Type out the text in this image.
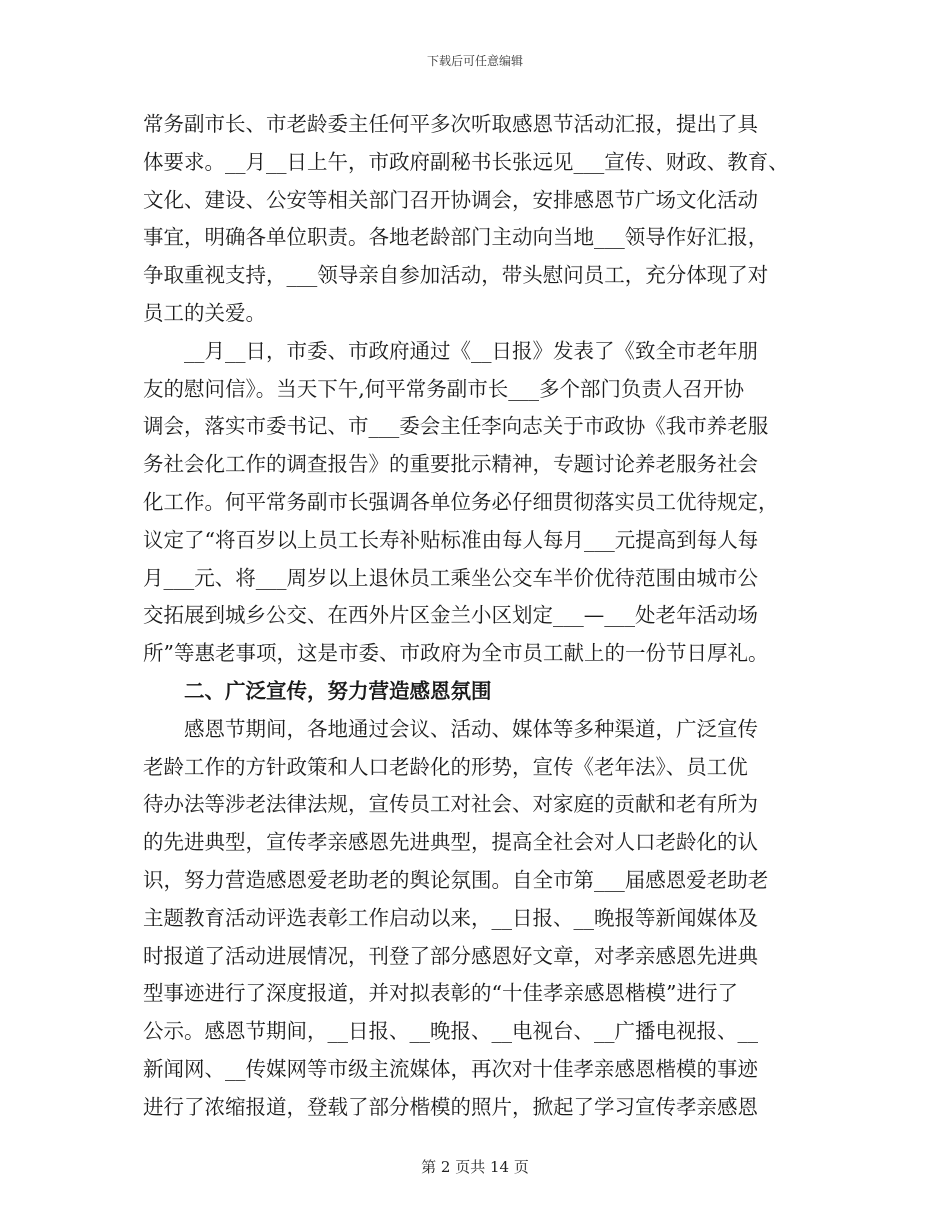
下载后可任意编辑
常务副市长、市老龄委主任何平多次听取感恩节活动汇报，提出了具
体要求。__月__日上午，市政府副秘书长张远见___宣传、财政、教育、
文化、建设、公安等相关部门召开协调会，安排感恩节广场文化活动
事宜，明确各单位职责。各地老龄部门主动向当地___领导作好汇报，
争取重视支持，___领导亲自参加活动，带头慰问员工，充分体现了对
员工的关爱。
__月__日，市委、市政府通过《__日报》发表了《致全市老年朋
友的慰问信》。当天下午,何平常务副市长___多个部门负责人召开协
调会，落实市委书记、市___委会主任李向志关于市政协《我市养老服
务社会化工作的调查报告》的重要批示精神，专题讨论养老服务社会
化工作。何平常务副市长强调各单位务必仔细贯彻落实员工优待规定，
议定了“将百岁以上员工长寿补贴标准由每人每月___元提高到每人每
月___元、将___周岁以上退休员工乘坐公交车半价优待范围由城市公
交拓展到城乡公交、在西外片区金兰小区划定___—___处老年活动场
所”等惠老事项，这是市委、市政府为全市员工献上的一份节日厚礼。
二、广泛宣传，努力营造感恩氛围
感恩节期间，各地通过会议、活动、媒体等多种渠道，广泛宣传
老龄工作的方针政策和人口老龄化的形势，宣传《老年法》、员工优
待办法等涉老法律法规，宣传员工对社会、对家庭的贡献和老有所为
的先进典型，宣传孝亲感恩先进典型，提高全社会对人口老龄化的认
识，努力营造感恩爱老助老的舆论氛围。自全市第___届感恩爱老助老
主题教育活动评选表彰工作启动以来，__日报、__晚报等新闻媒体及
时报道了活动进展情况，刊登了部分感恩好文章，对孝亲感恩先进典
型事迹进行了深度报道，并对拟表彰的“十佳孝亲感恩楷模”进行了
公示。感恩节期间，__日报、__晚报、__电视台、__广播电视报、__
新闻网、__传媒网等市级主流媒体，再次对十佳孝亲感恩楷模的事迹
进行了浓缩报道，登载了部分楷模的照片，掀起了学习宣传孝亲感恩
第 2 页共 14 页
